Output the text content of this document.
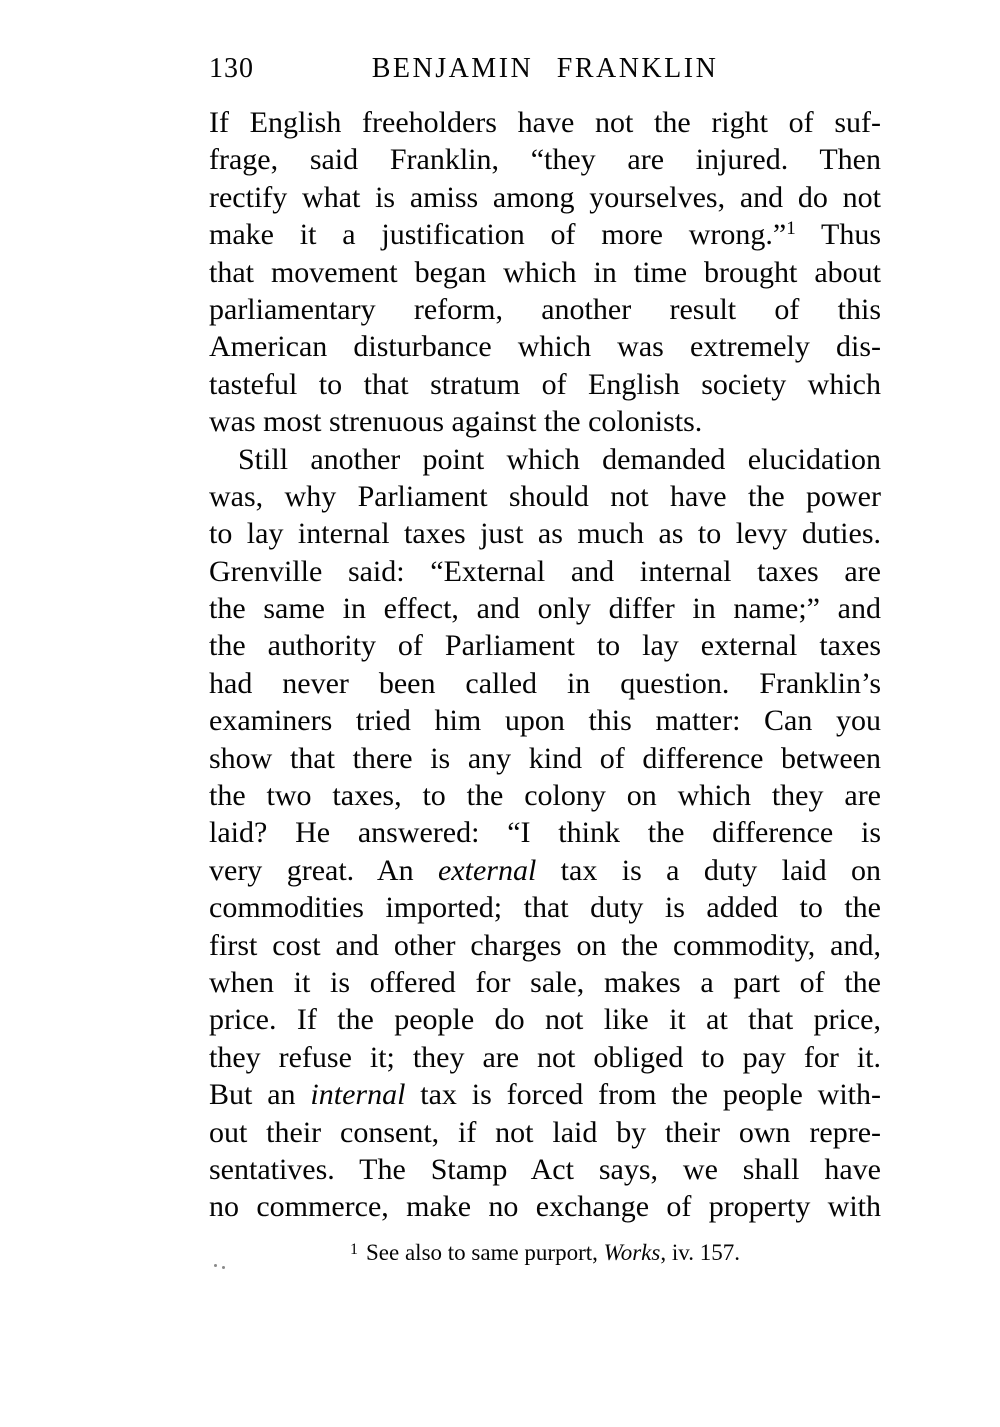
130	BENJAMIN FRANKLIN
If English freeholders have not the right of suf-
frage, said Franklin, “they are injured. Then
rectify what is amiss among yourselves, and do not
make it a justification of more wrong.”$^1$ Thus
that movement began which in time brought about
parliamentary reform, another result of this
American disturbance which was extremely dis-
tasteful to that stratum of English society which
was most strenuous against the colonists.
Still another point which demanded elucidation
was, why Parliament should not have the power
to lay internal taxes just as much as to levy duties.
Grenville said: “External and internal taxes are
the same in effect, and only differ in name;” and
the authority of Parliament to lay external taxes
had never been called in question. Franklin’s
examiners tried him upon this matter: Can you
show that there is any kind of difference between
the two taxes, to the colony on which they are
laid? He answered: “I think the difference is
very great. An external tax is a duty laid on
commodities imported; that duty is added to the
first cost and other charges on the commodity, and,
when it is offered for sale, makes a part of the
price. If the people do not like it at that price,
they refuse it; they are not obliged to pay for it.
But an internal tax is forced from the people with-
out their consent, if not laid by their own repre-
sentatives. The Stamp Act says, we shall have
no commerce, make no exchange of property with
$^1$ See also to same purport, Works, iv. 157.
